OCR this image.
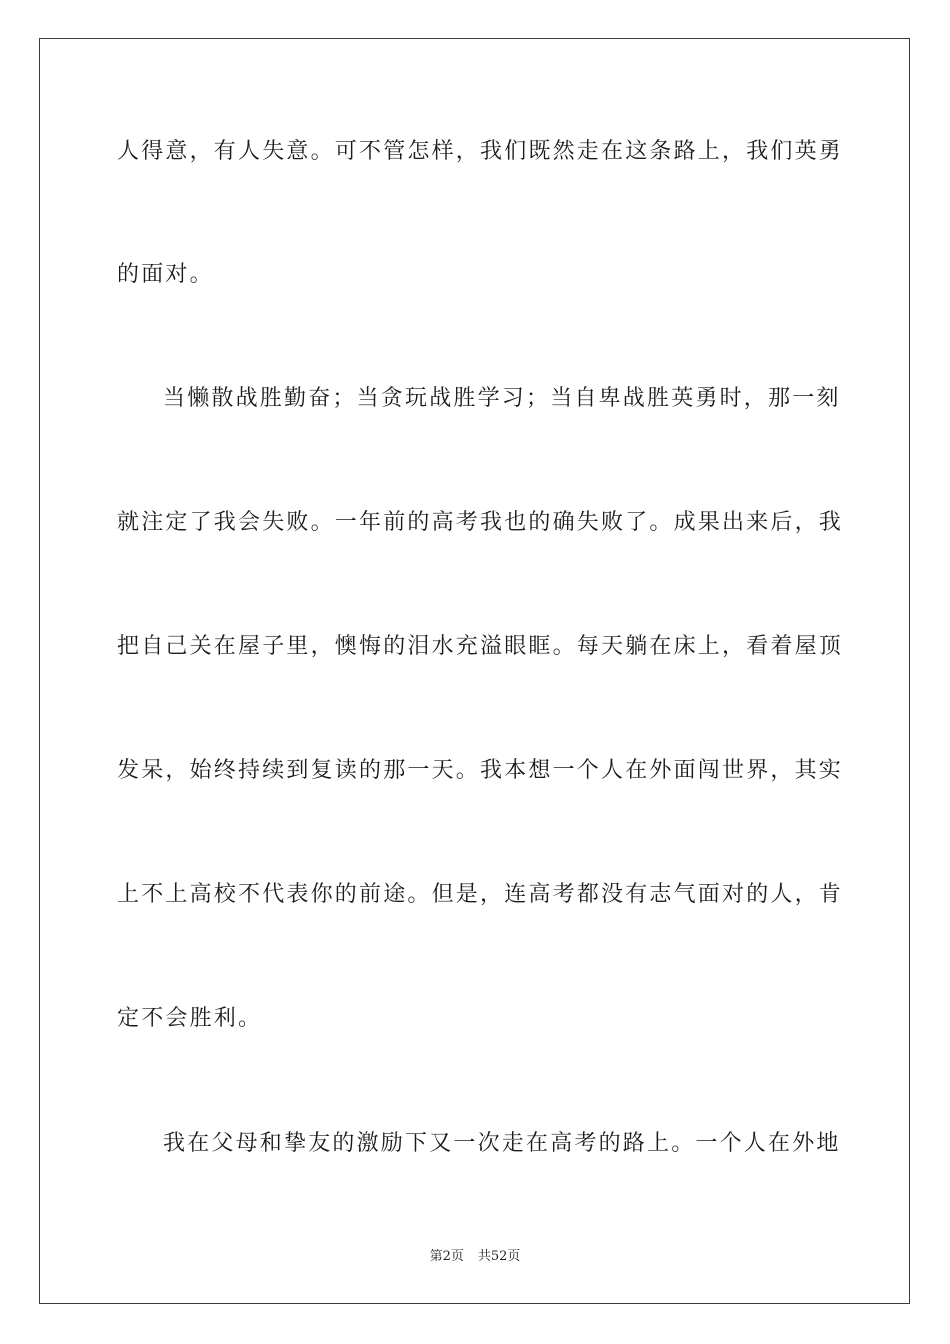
人得意，有人失意。可不管怎样，我们既然走在这条路上，我们英勇
的面对。
当懒散战胜勤奋；当贪玩战胜学习；当自卑战胜英勇时，那一刻
就注定了我会失败。一年前的高考我也的确失败了。成果出来后，我
把自己关在屋子里，懊悔的泪水充溢眼眶。每天躺在床上，看着屋顶
发呆，始终持续到复读的那一天。我本想一个人在外面闯世界，其实
上不上高校不代表你的前途。但是，连高考都没有志气面对的人，肯
定不会胜利。
我在父母和挚友的激励下又一次走在高考的路上。一个人在外地
第2页 共52页
